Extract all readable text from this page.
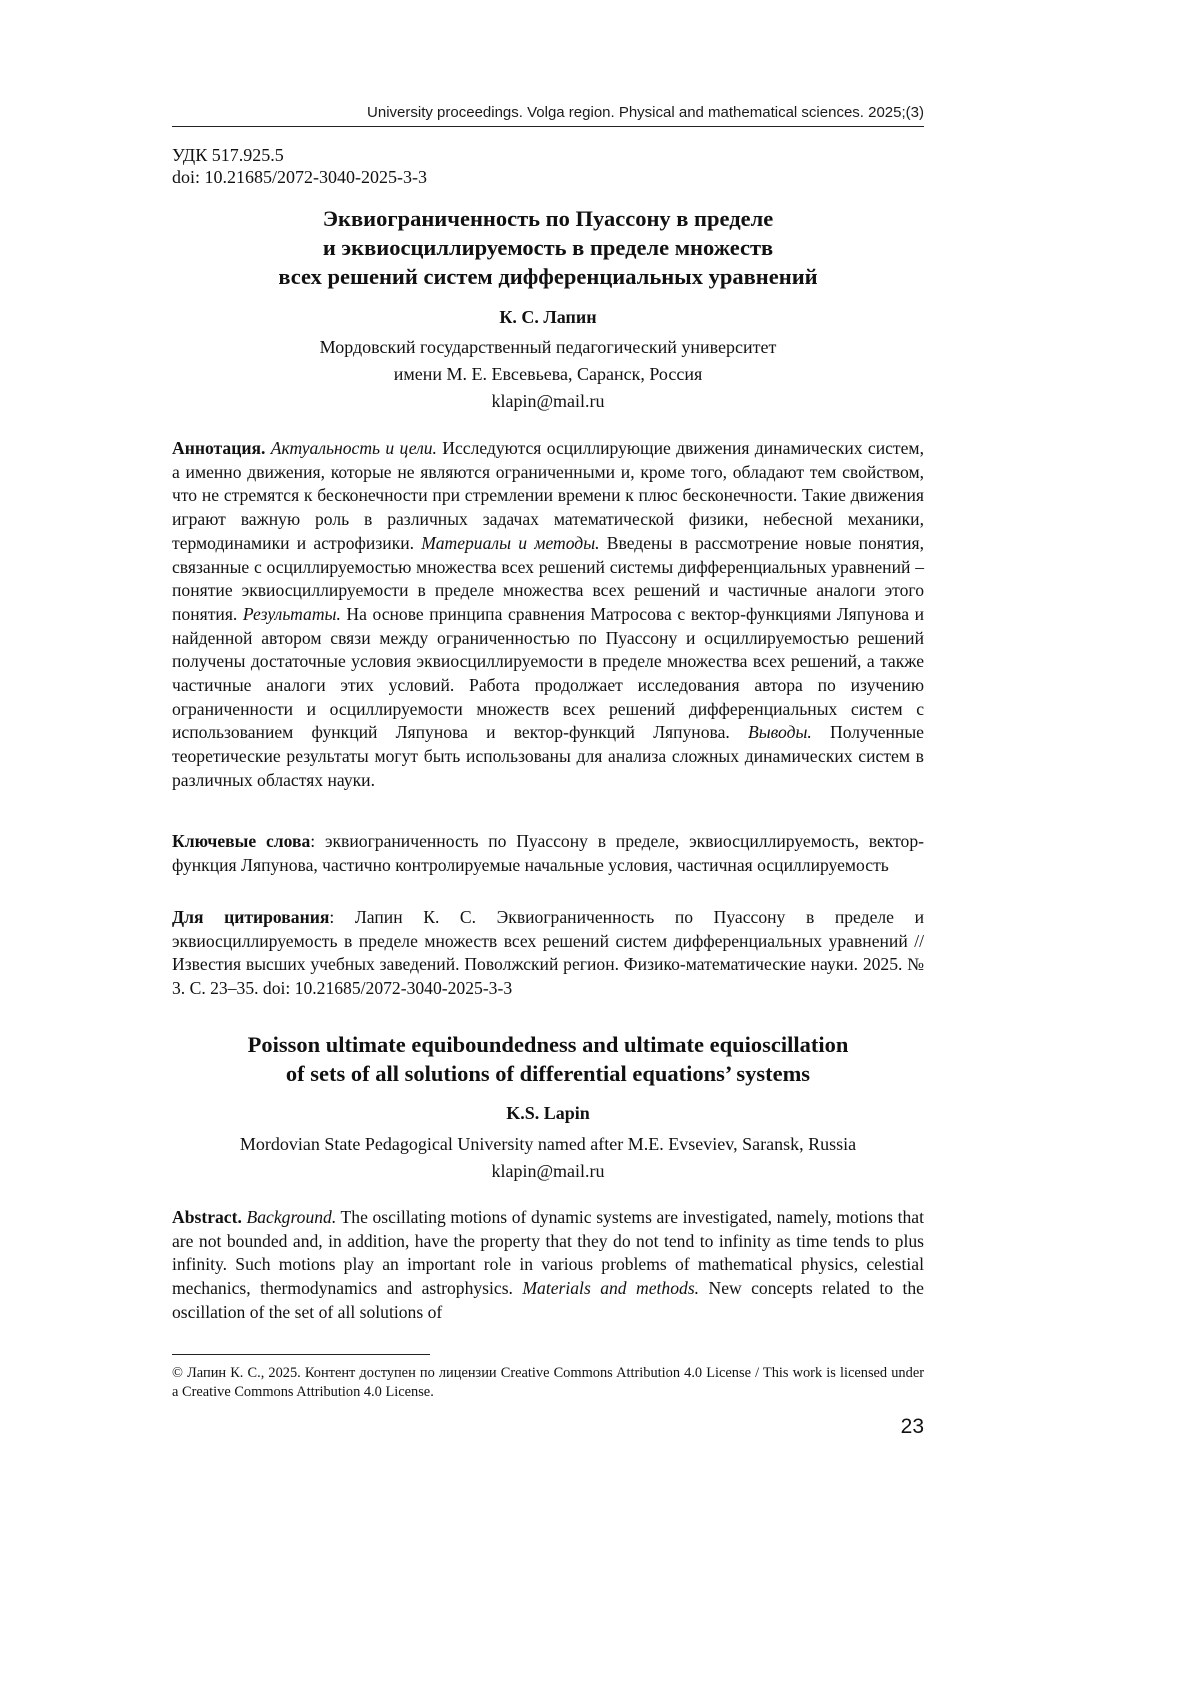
University proceedings. Volga region. Physical and mathematical sciences. 2025;(3)
УДК 517.925.5
doi: 10.21685/2072-3040-2025-3-3
Эквиограниченность по Пуассону в пределе
и эквиосциллируемость в пределе множеств
всех решений систем дифференциальных уравнений
К. С. Лапин
Мордовский государственный педагогический университет
имени М. Е. Евсевьева, Саранск, Россия
klapin@mail.ru
Аннотация. Актуальность и цели. Исследуются осциллирующие движения динамических систем, а именно движения, которые не являются ограниченными и, кроме того, обладают тем свойством, что не стремятся к бесконечности при стремлении времени к плюс бесконечности. Такие движения играют важную роль в различных задачах математической физики, небесной механики, термодинамики и астрофизики. Материалы и методы. Введены в рассмотрение новые понятия, связанные с осциллируемостью множества всех решений системы дифференциальных уравнений – понятие эквиосциллируемости в пределе множества всех решений и частичные аналоги этого понятия. Результаты. На основе принципа сравнения Матросова с вектор-функциями Ляпунова и найденной автором связи между ограниченностью по Пуассону и осциллируемостью решений получены достаточные условия эквиосциллируемости в пределе множества всех решений, а также частичные аналоги этих условий. Работа продолжает исследования автора по изучению ограниченности и осциллируемости множеств всех решений дифференциальных систем с использованием функций Ляпунова и вектор-функций Ляпунова. Выводы. Полученные теоретические результаты могут быть использованы для анализа сложных динамических систем в различных областях науки.
Ключевые слова: эквиограниченность по Пуассону в пределе, эквиосциллируемость, вектор-функция Ляпунова, частично контролируемые начальные условия, частичная осциллируемость
Для цитирования: Лапин К. С. Эквиограниченность по Пуассону в пределе и эквиосциллируемость в пределе множеств всех решений систем дифференциальных уравнений // Известия высших учебных заведений. Поволжский регион. Физико-математические науки. 2025. № 3. С. 23–35. doi: 10.21685/2072-3040-2025-3-3
Poisson ultimate equiboundedness and ultimate equioscillation
of sets of all solutions of differential equations’ systems
K.S. Lapin
Mordovian State Pedagogical University named after M.E. Evseviev, Saransk, Russia
klapin@mail.ru
Abstract. Background. The oscillating motions of dynamic systems are investigated, namely, motions that are not bounded and, in addition, have the property that they do not tend to infinity as time tends to plus infinity. Such motions play an important role in various problems of mathematical physics, celestial mechanics, thermodynamics and astrophysics. Materials and methods. New concepts related to the oscillation of the set of all solutions of
© Лапин К. С., 2025. Контент доступен по лицензии Creative Commons Attribution 4.0 License / This work is licensed under a Creative Commons Attribution 4.0 License.
23
